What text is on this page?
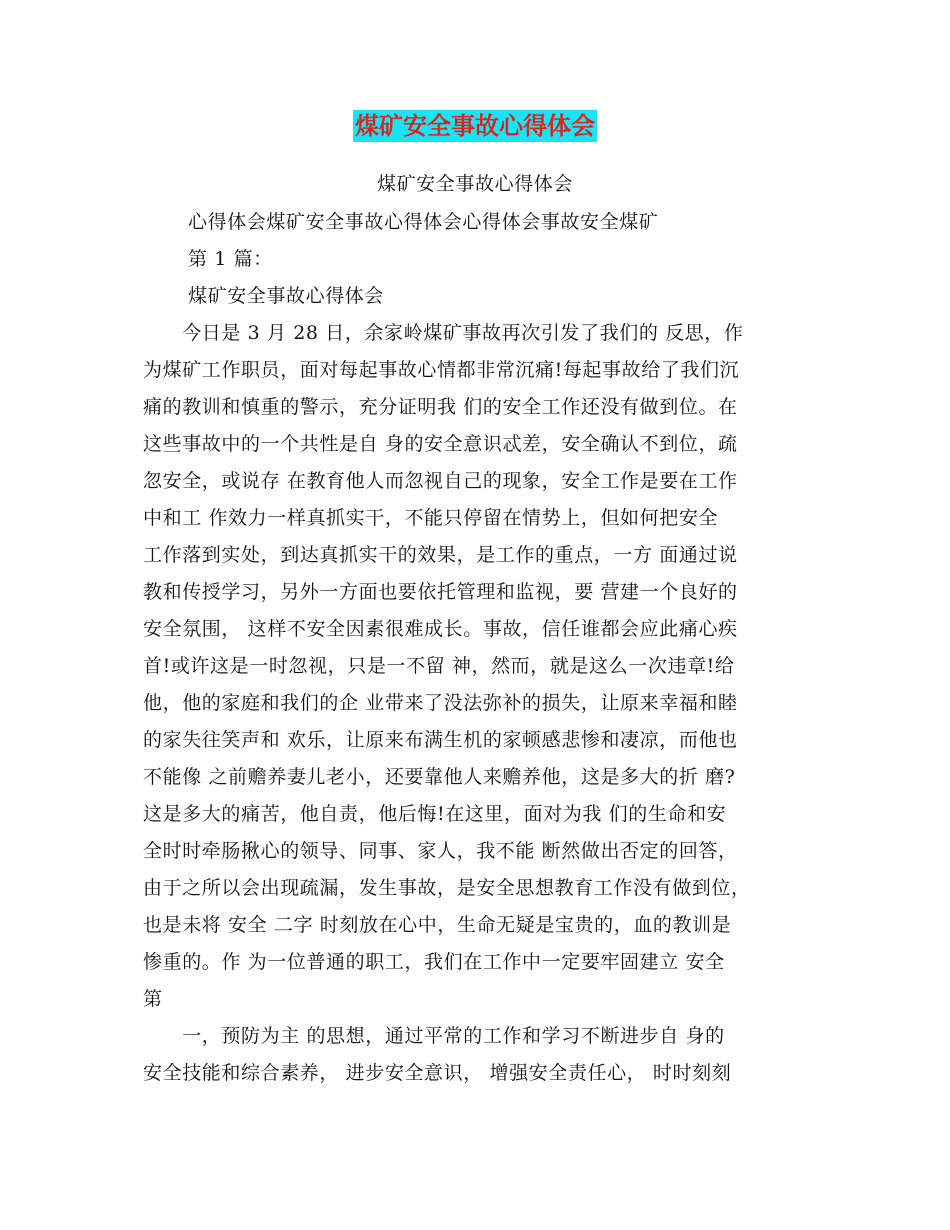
煤矿安全事故心得体会
煤矿安全事故心得体会
心得体会煤矿安全事故心得体会心得体会事故安全煤矿
第 1 篇：
煤矿安全事故心得体会
　　今日是 3 月 28 日，余家岭煤矿事故再次引发了我们的 反思，作
为煤矿工作职员，面对每起事故心情都非常沉痛!每起事故给了我们沉
痛的教训和慎重的警示，充分证明我 们的安全工作还没有做到位。在
这些事故中的一个共性是自 身的安全意识忒差，安全确认不到位，疏
忽安全，或说存 在教育他人而忽视自己的现象，安全工作是要在工作
中和工 作效力一样真抓实干，不能只停留在情势上，但如何把安全
工作落到实处，到达真抓实干的效果，是工作的重点，一方 面通过说
教和传授学习，另外一方面也要依托管理和监视，要 营建一个良好的
安全氛围， 这样不安全因素很难成长。事故，信任谁都会应此痛心疾
首!或许这是一时忽视，只是一不留 神，然而，就是这么一次违章!给
他，他的家庭和我们的企 业带来了没法弥补的损失，让原来幸福和睦
的家失往笑声和 欢乐，让原来布满生机的家顿感悲惨和凄凉，而他也
不能像 之前赡养妻儿老小，还要靠他人来赡养他，这是多大的折 磨?
这是多大的痛苦，他自责，他后悔!在这里，面对为我 们的生命和安
全时时牵肠揪心的领导、同事、家人，我不能 断然做出否定的回答，
由于之所以会出现疏漏，发生事故，是安全思想教育工作没有做到位，
也是未将 安全 二字 时刻放在心中，生命无疑是宝贵的，血的教训是
惨重的。作 为一位普通的职工，我们在工作中一定要牢固建立 安全
第
　　一，预防为主 的思想，通过平常的工作和学习不断进步自 身的
安全技能和综合素养， 进步安全意识， 增强安全责任心， 时时刻刻
